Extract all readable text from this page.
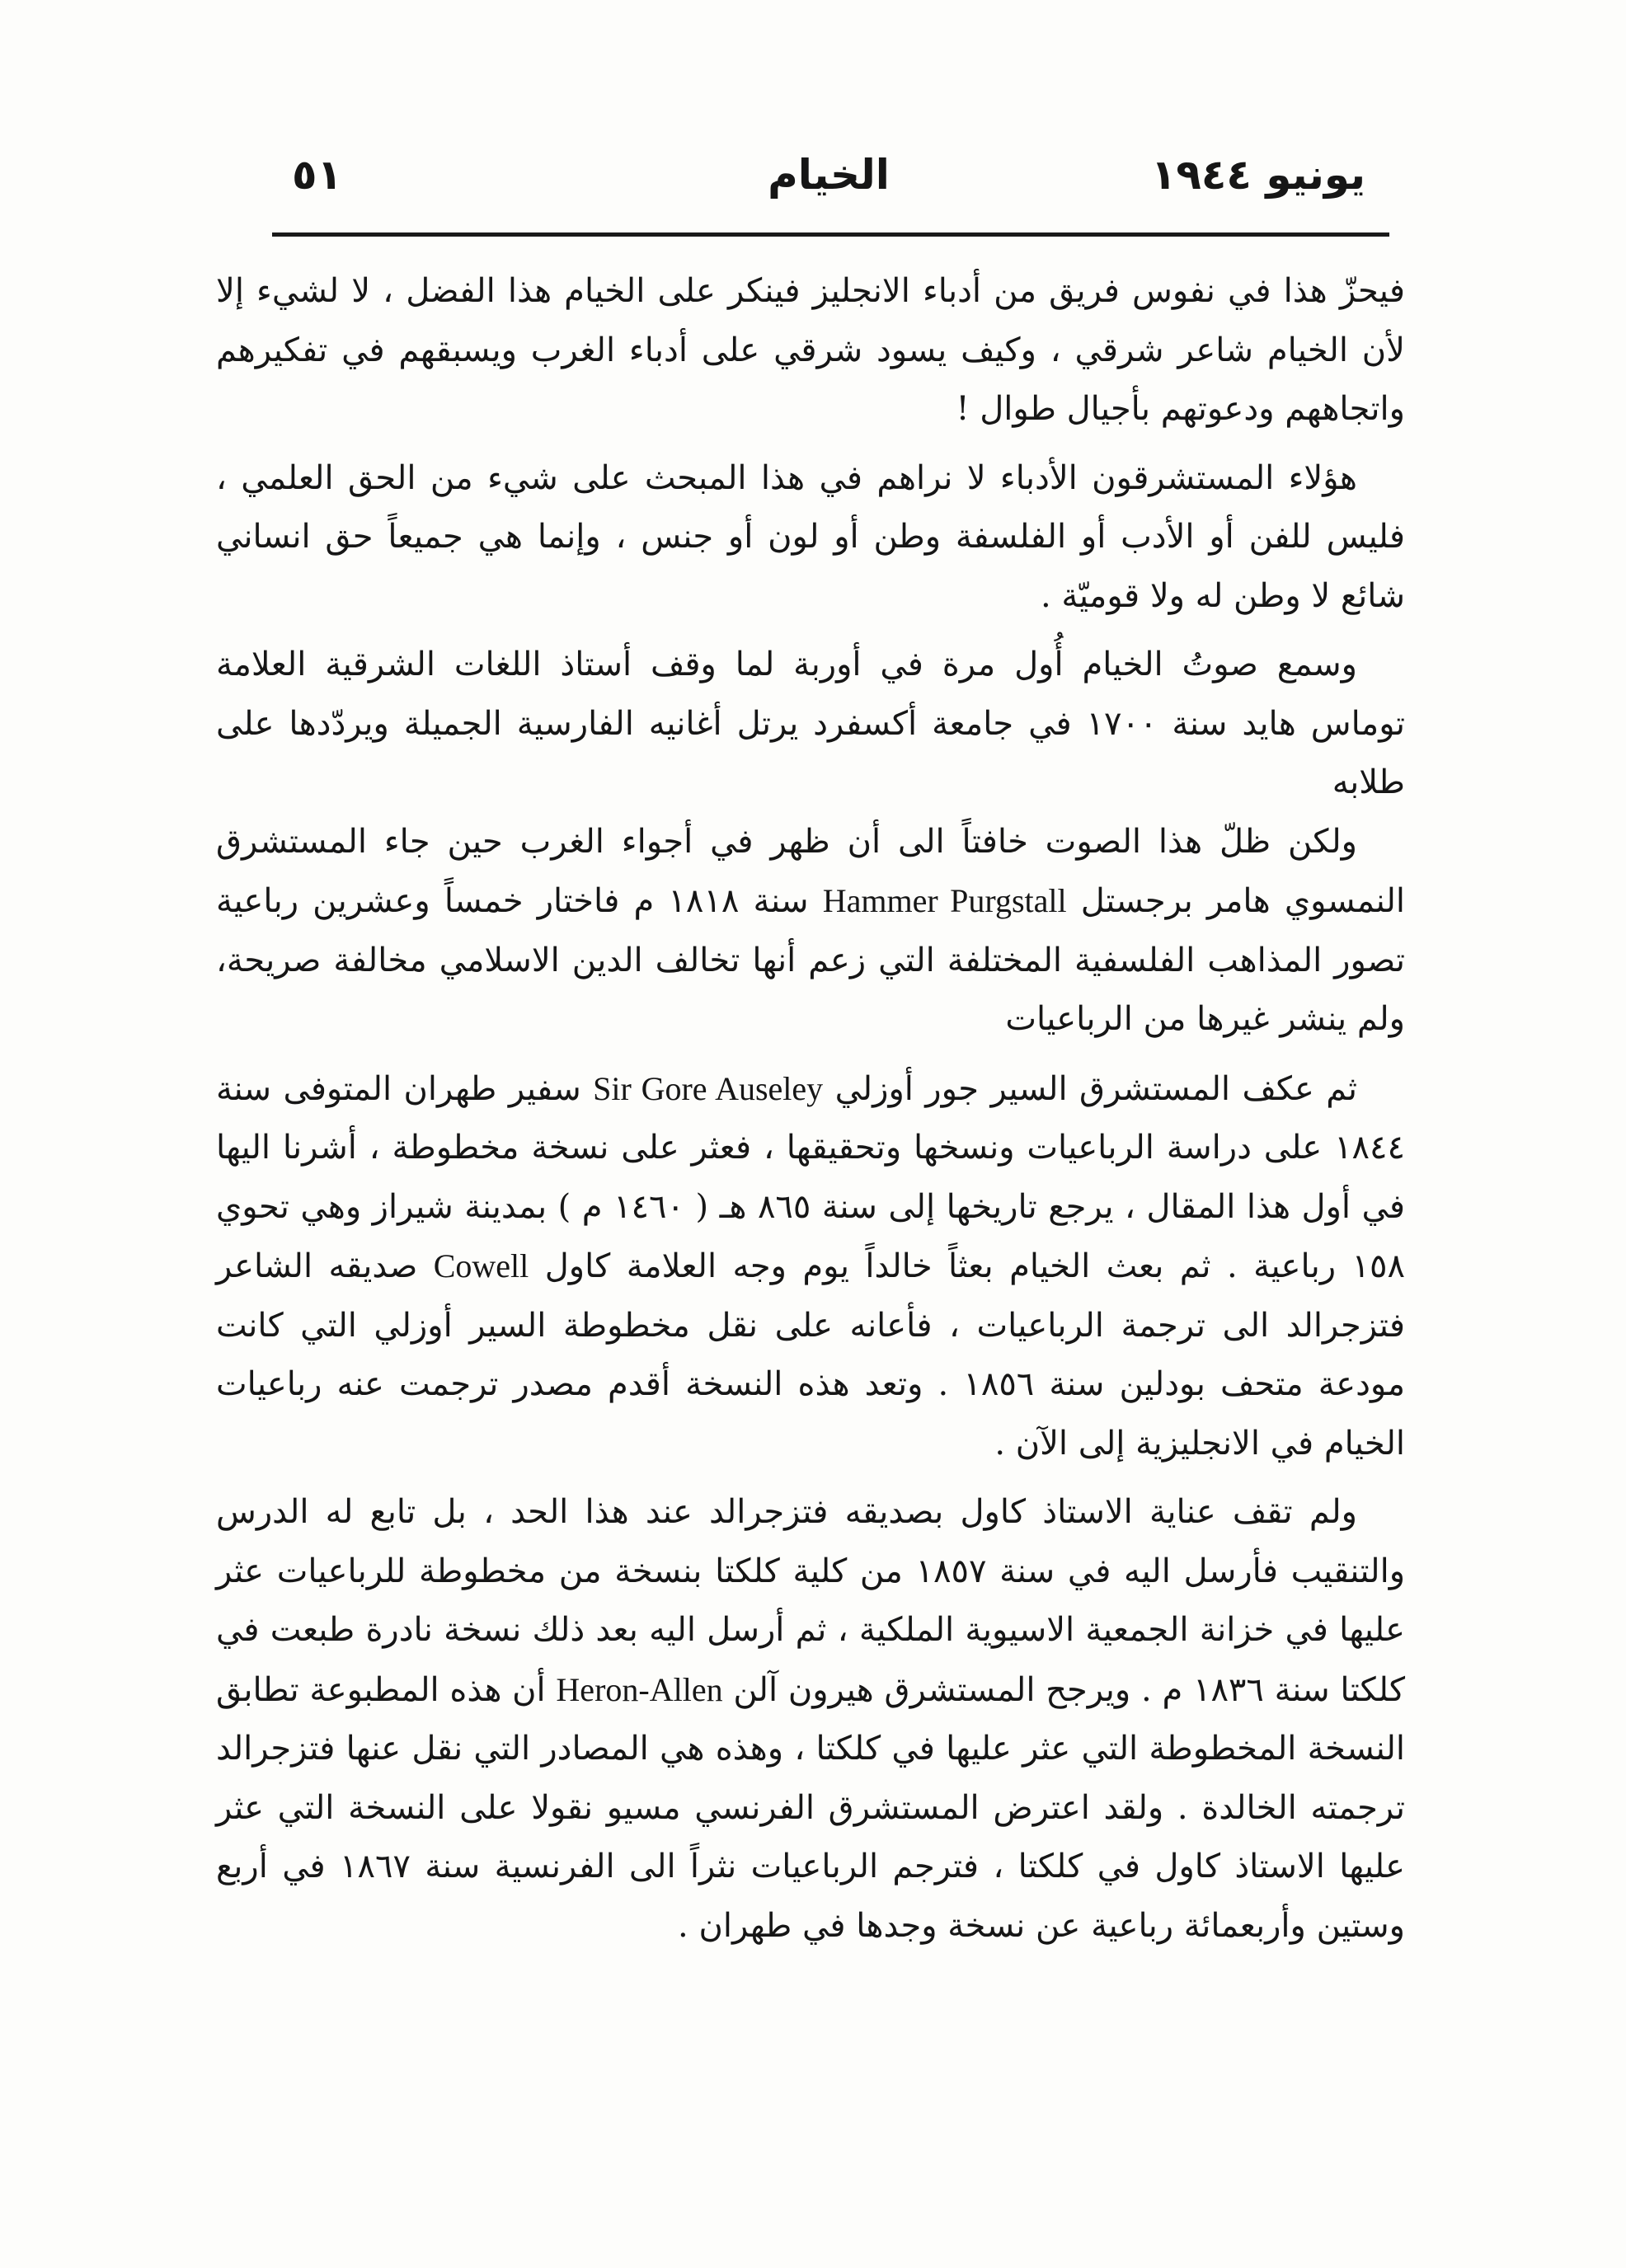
٥١	الخيام	يونيو ١٩٤٤

فيحزّ هذا في نفوس فريق من أدباء الانجليز فينكر على الخيام هذا الفضل ، لا لشيء إلا لأن الخيام شاعر شرقي ، وكيف يسود شرقي على أدباء الغرب ويسبقهم في تفكيرهم واتجاههم ودعوتهم بأجيال طوال !

هؤلاء المستشرقون الأدباء لا نراهم في هذا المبحث على شيء من الحق العلمي ، فليس للفن أو الأدب أو الفلسفة وطن أو لون أو جنس ، وإنما هي جميعاً حق انساني شائع لا وطن له ولا قوميّة .

وسمع صوتُ الخيام أُول مرة في أوربة لما وقف أستاذ اللغات الشرقية العلامة توماس هايد سنة ١٧٠٠ في جامعة أكسفرد يرتل أغانيه الفارسية الجميلة ويردّدها على طلابه

ولكن ظلّ هذا الصوت خافتاً الى أن ظهر في أجواء الغرب حين جاء المستشرق النمسوي هامر برجستل Hammer Purgstall سنة ١٨١٨ م فاختار خمساً وعشرين رباعية تصور المذاهب الفلسفية المختلفة التي زعم أنها تخالف الدين الاسلامي مخالفة صريحة، ولم ينشر غيرها من الرباعيات

ثم عكف المستشرق السير جور أوزلي Sir Gore Auseley سفير طهران المتوفى سنة ١٨٤٤ على دراسة الرباعيات ونسخها وتحقيقها ، فعثر على نسخة مخطوطة ، أشرنا اليها في أول هذا المقال ، يرجع تاريخها إلى سنة ٨٦٥ هـ ( ١٤٦٠ م ) بمدينة شيراز وهي تحوي ١٥٨ رباعية . ثم بعث الخيام بعثاً خالداً يوم وجه العلامة كاول Cowell صديقه الشاعر فتزجرالد الى ترجمة الرباعيات ، فأعانه على نقل مخطوطة السير أوزلي التي كانت مودعة متحف بودلين سنة ١٨٥٦ . وتعد هذه النسخة أقدم مصدر ترجمت عنه رباعيات الخيام في الانجليزية إلى الآن .

ولم تقف عناية الاستاذ كاول بصديقه فتزجرالد عند هذا الحد ، بل تابع له الدرس والتنقيب فأرسل اليه في سنة ١٨٥٧ من كلية كلكتا بنسخة من مخطوطة للرباعيات عثر عليها في خزانة الجمعية الاسيوية الملكية ، ثم أرسل اليه بعد ذلك نسخة نادرة طبعت في كلكتا سنة ١٨٣٦ م . ويرجح المستشرق هيرون آلن Heron-Allen أن هذه المطبوعة تطابق النسخة المخطوطة التي عثر عليها في كلكتا ، وهذه هي المصادر التي نقل عنها فتزجرالد ترجمته الخالدة . ولقد اعترض المستشرق الفرنسي مسيو نقولا على النسخة التي عثر عليها الاستاذ كاول في كلكتا ، فترجم الرباعيات نثراً الى الفرنسية سنة ١٨٦٧ في أربع وستين وأربعمائة رباعية عن نسخة وجدها في طهران .
